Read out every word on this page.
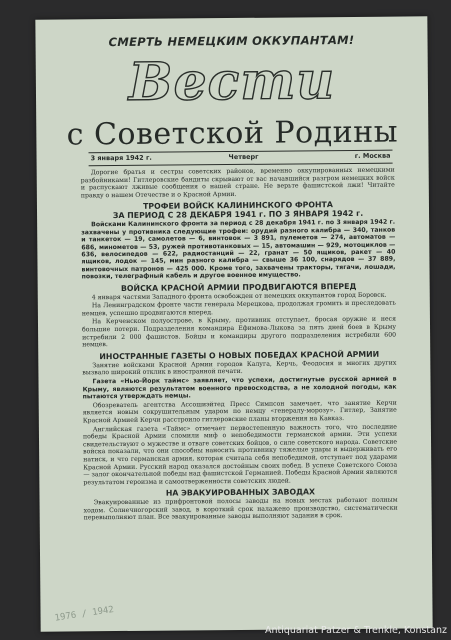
СМЕРТЬ НЕМЕЦКИМ ОККУПАНТАМ!
Вести
с Советской Родины
3 января 1942 г.	Четверг	г. Москва

Дорогие братья и сестры советских районов, временно оккупированных немецкими разбойниками! Гитлеровские бандиты скрывают от вас начавшийся разгром немецких войск и распускают лживые сообщения о нашей стране. Не верьте фашистской лжи! Читайте правду о нашем Отечестве и о Красной Армии.

ТРОФЕИ ВОЙСК КАЛИНИНСКОГО ФРОНТА
ЗА ПЕРИОД С 28 ДЕКАБРЯ 1941 г. ПО 3 ЯНВАРЯ 1942 г.

Войсками Калининского фронта за период с 28 декабря 1941 г. по 3 января 1942 г. захвачены у противника следующие трофеи: орудий разного калибра — 340, танков и танкеток — 19, самолетов — 6, винтовок — 3 891, пулеметов — 274, автоматов — 686, минометов — 53, ружей противотанковых — 15, автомашин — 929, мотоциклов — 636, велосипедов — 622, радиостанций — 22, гранат — 50 ящиков, ракет — 40 ящиков, лодок — 145, мин разного калибра — свыше 36 100, снарядов — 37 889, винтовочных патронов — 425 000. Кроме того, захвачены тракторы, тягачи, лошади, повозки, телеграфный кабель и другое военное имущество.

ВОЙСКА КРАСНОЙ АРМИИ ПРОДВИГАЮТСЯ ВПЕРЕД

4 января частями Западного фронта освобожден от немецких оккупантов город Боровск.

На Ленинградском фронте части генерала Мерецкова, продолжая громить и преследовать немцев, успешно продвигаются вперед.

На Керченском полуострове, в Крыму, противник отступает, бросая оружие и неся большие потери. Подразделения командира Ефимова-Лыкова за пять дней боев в Крыму истребили 2 000 фашистов. Бойцы и командиры другого подразделения истребили 600 немцев.

ИНОСТРАННЫЕ ГАЗЕТЫ О НОВЫХ ПОБЕДАХ КРАСНОЙ АРМИИ

Занятие войсками Красной Армии городов Калуга, Керчь, Феодосия и многих других вызвало широкий отклик в иностранной печати.

Газета «Нью-Йорк таймс» заявляет, что успехи, достигнутые русской армией в Крыму, являются результатом военного превосходства, а не холодной погоды, как пытаются утверждать немцы.

Обозреватель агентства Ассошиэйтед Пресс Симпсон замечает, что занятие Керчи является новым сокрушительным ударом по немцу «генералу-морозу». Гитлер, Занятие Красной Армией Керчи расстроило гитлеровские планы вторжения на Кавказ.

Английская газета «Таймс» отмечает первостепенную важность того, что последние победы Красной Армии сломили миф о непобедимости германской армии. Эти успехи свидетельствуют о мужестве и отваге советских бойцов, о силе советского народа. Советские войска показали, что они способны наносить противнику тяжелые удары и выдерживать его натиск, и что германская армия, которая считала себя непобедимой, отступает под ударами Красной Армии. Русский народ оказался достойным своих побед. В успехе Советского Союза — залог окончательной победы над фашистской Германией. Победы Красной Армии являются результатом героизма и самоотверженности советских людей.

НА ЭВАКУИРОВАННЫХ ЗАВОДАХ

Эвакуированные из прифронтовой полосы заводы на новых местах работают полным ходом. Солнечногорский завод, в короткий срок налажено производство, систематически перевыполняют план. Все эвакуированные заводы выполняют задания в срок.

1976 / 1942
Antiquariat Patzer & Trenkle, Konstanz
